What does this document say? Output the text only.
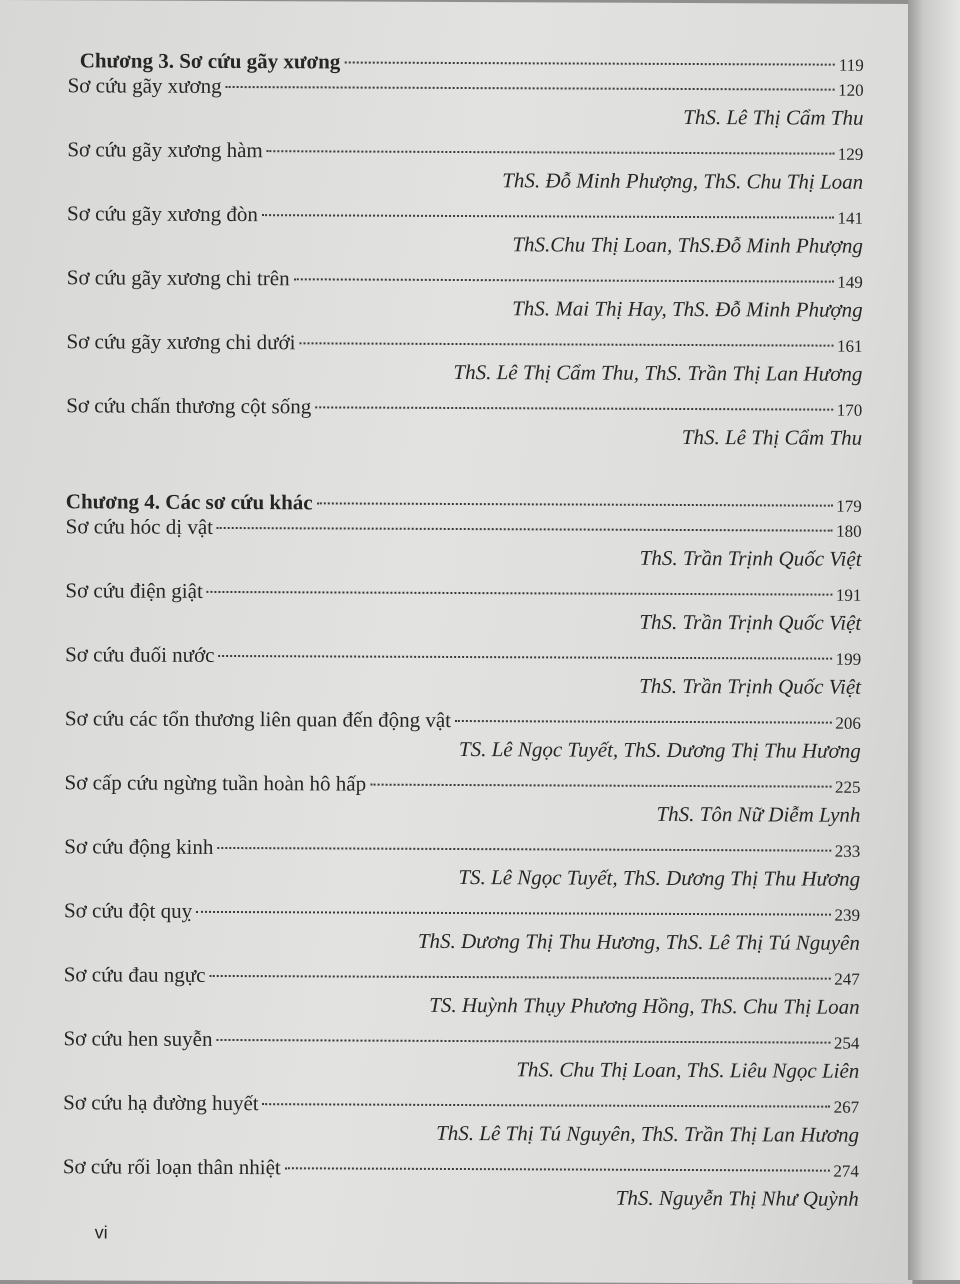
Chương 3. Sơ cứu gãy xương	119
Sơ cứu gãy xương	120
ThS. Lê Thị Cẩm Thu
Sơ cứu gãy xương hàm	129
ThS. Đỗ Minh Phượng, ThS. Chu Thị Loan
Sơ cứu gãy xương đòn	141
ThS.Chu Thị Loan, ThS.Đỗ Minh Phượng
Sơ cứu gãy xương chi trên	149
ThS. Mai Thị Hay, ThS. Đỗ Minh Phượng
Sơ cứu gãy xương chi dưới	161
ThS. Lê Thị Cẩm Thu, ThS. Trần Thị Lan Hương
Sơ cứu chấn thương cột sống	170
ThS. Lê Thị Cẩm Thu
Chương 4. Các sơ cứu khác	179
Sơ cứu hóc dị vật	180
ThS. Trần Trịnh Quốc Việt
Sơ cứu điện giật	191
ThS. Trần Trịnh Quốc Việt
Sơ cứu đuối nước	199
ThS. Trần Trịnh Quốc Việt
Sơ cứu các tổn thương liên quan đến động vật	206
TS. Lê Ngọc Tuyết, ThS. Dương Thị Thu Hương
Sơ cấp cứu ngừng tuần hoàn hô hấp	225
ThS. Tôn Nữ Diễm Lynh
Sơ cứu động kinh	233
TS. Lê Ngọc Tuyết, ThS. Dương Thị Thu Hương
Sơ cứu đột quỵ	239
ThS. Dương Thị Thu Hương, ThS. Lê Thị Tú Nguyên
Sơ cứu đau ngực	247
TS. Huỳnh Thụy Phương Hồng, ThS. Chu Thị Loan
Sơ cứu hen suyễn	254
ThS. Chu Thị Loan, ThS. Liêu Ngọc Liên
Sơ cứu hạ đường huyết	267
ThS. Lê Thị Tú Nguyên, ThS. Trần Thị Lan Hương
Sơ cứu rối loạn thân nhiệt	274
ThS. Nguyễn Thị Như Quỳnh
vi
